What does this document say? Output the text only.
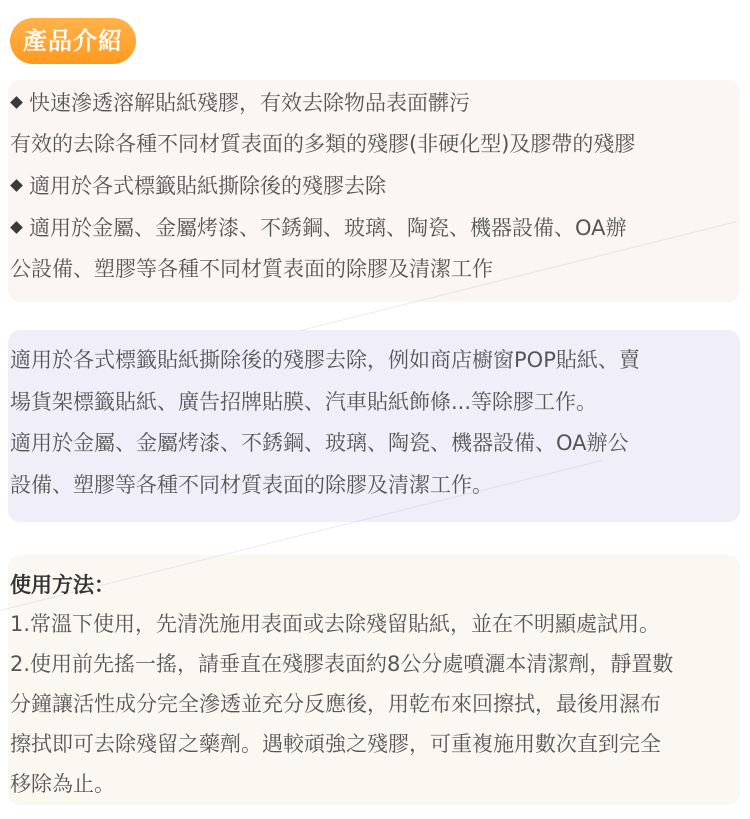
產品介紹
快速滲透溶解貼紙殘膠，有效去除物品表面髒污
有效的去除各種不同材質表面的多類的殘膠(非硬化型)及膠帶的殘膠
適用於各式標籤貼紙撕除後的殘膠去除
適用於金屬、金屬烤漆、不銹鋼、玻璃、陶瓷、機器設備、OA辦
公設備、塑膠等各種不同材質表面的除膠及清潔工作
適用於各式標籤貼紙撕除後的殘膠去除，例如商店櫥窗POP貼紙、賣
場貨架標籤貼紙、廣告招牌貼膜、汽車貼紙飾條...等除膠工作。
適用於金屬、金屬烤漆、不銹鋼、玻璃、陶瓷、機器設備、OA辦公
設備、塑膠等各種不同材質表面的除膠及清潔工作。
使用方法：
1.常溫下使用，先清洗施用表面或去除殘留貼紙，並在不明顯處試用。
2.使用前先搖一搖，請垂直在殘膠表面約8公分處噴灑本清潔劑，靜置數
分鐘讓活性成分完全滲透並充分反應後，用乾布來回擦拭，最後用濕布
擦拭即可去除殘留之藥劑。遇較頑強之殘膠，可重複施用數次直到完全
移除為止。
